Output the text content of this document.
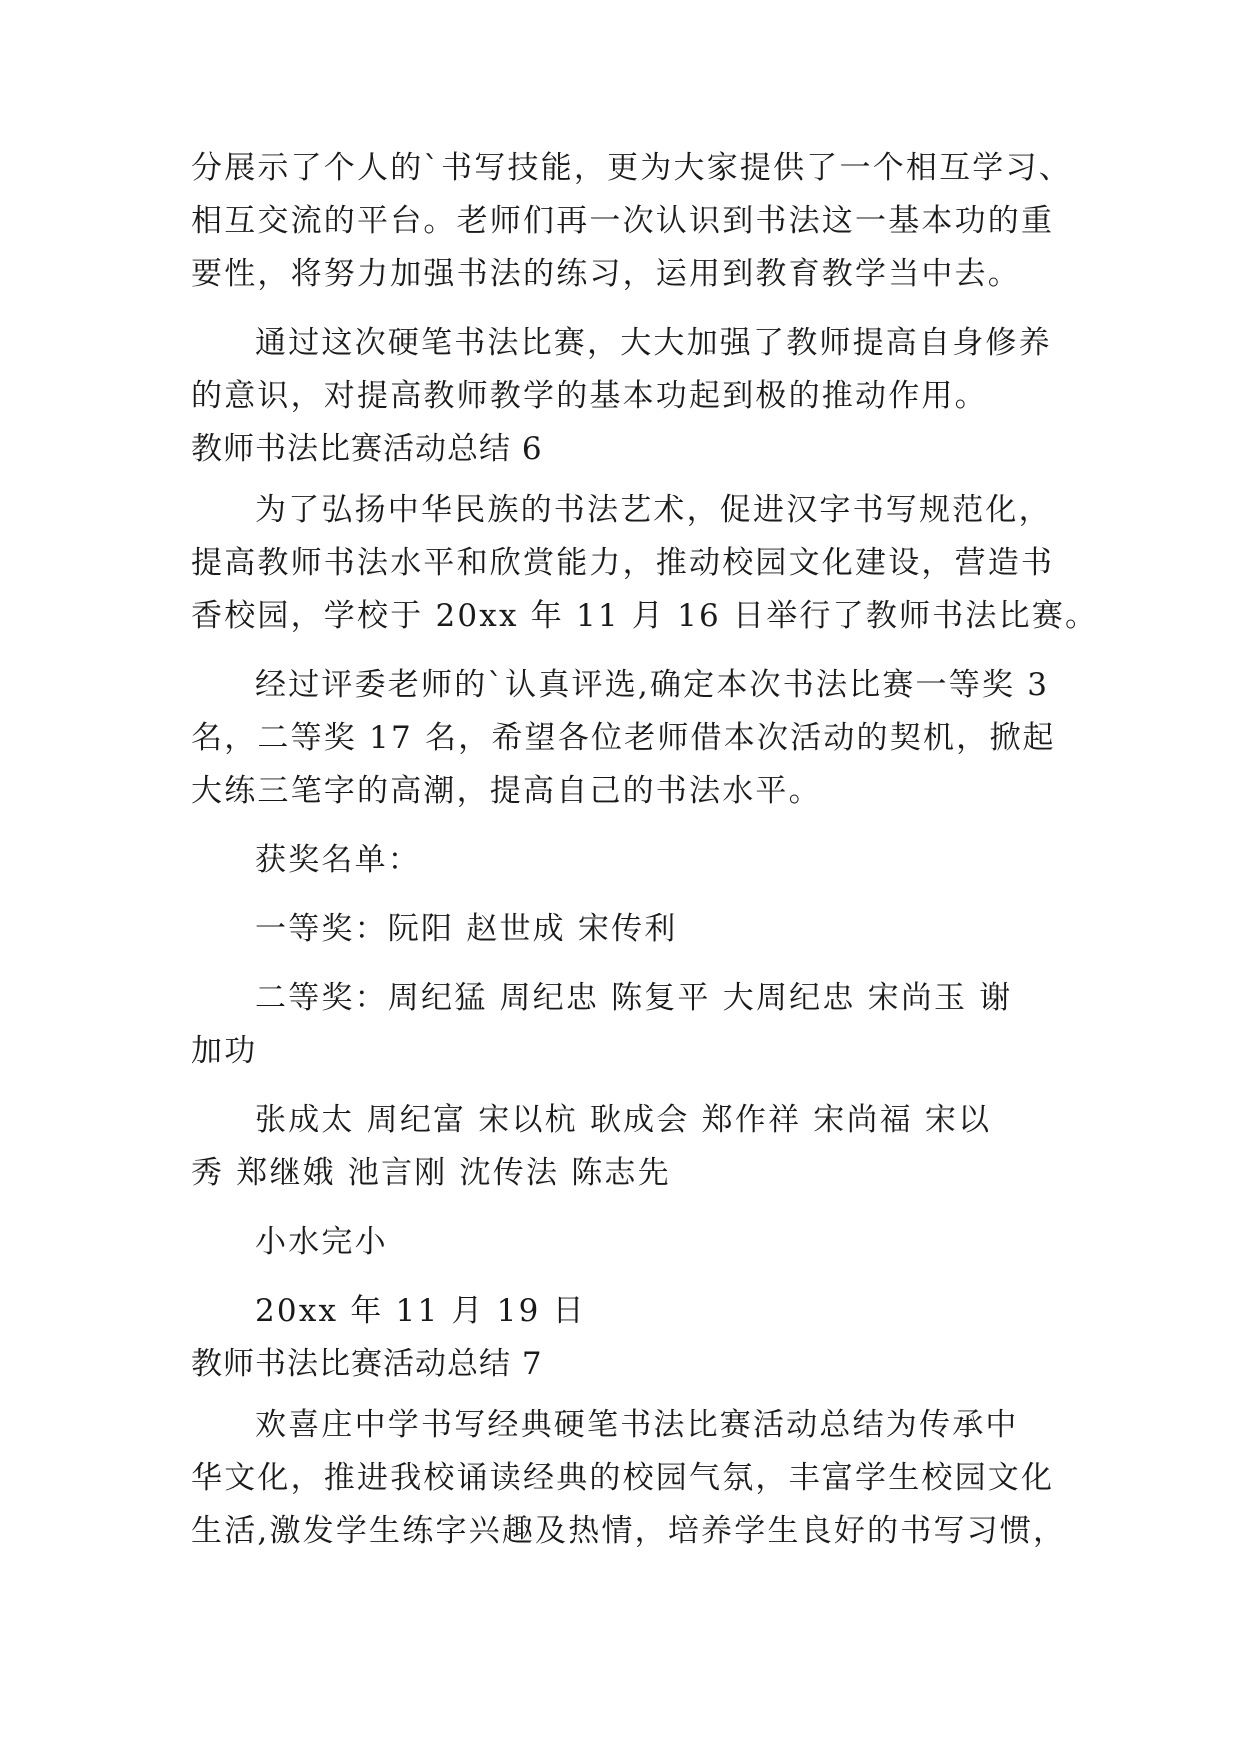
分展示了个人的`书写技能，更为大家提供了一个相互学习、
相互交流的平台。老师们再一次认识到书法这一基本功的重
要性，将努力加强书法的练习，运用到教育教学当中去。
通过这次硬笔书法比赛，大大加强了教师提高自身修养
的意识，对提高教师教学的基本功起到极的推动作用。
教师书法比赛活动总结 6
为了弘扬中华民族的书法艺术，促进汉字书写规范化，
提高教师书法水平和欣赏能力，推动校园文化建设，营造书
香校园，学校于 20xx 年 11 月 16 日举行了教师书法比赛。
经过评委老师的`认真评选,确定本次书法比赛一等奖 3
名，二等奖 17 名，希望各位老师借本次活动的契机，掀起
大练三笔字的高潮，提高自己的书法水平。
获奖名单：
一等奖：阮阳 赵世成 宋传利
二等奖：周纪猛 周纪忠 陈复平 大周纪忠 宋尚玉 谢
加功
张成太 周纪富 宋以杭 耿成会 郑作祥 宋尚福 宋以
秀 郑继娥 池言刚 沈传法 陈志先
小水完小
20xx 年 11 月 19 日
教师书法比赛活动总结 7
欢喜庄中学书写经典硬笔书法比赛活动总结为传承中
华文化，推进我校诵读经典的校园气氛，丰富学生校园文化
生活,激发学生练字兴趣及热情，培养学生良好的书写习惯，
